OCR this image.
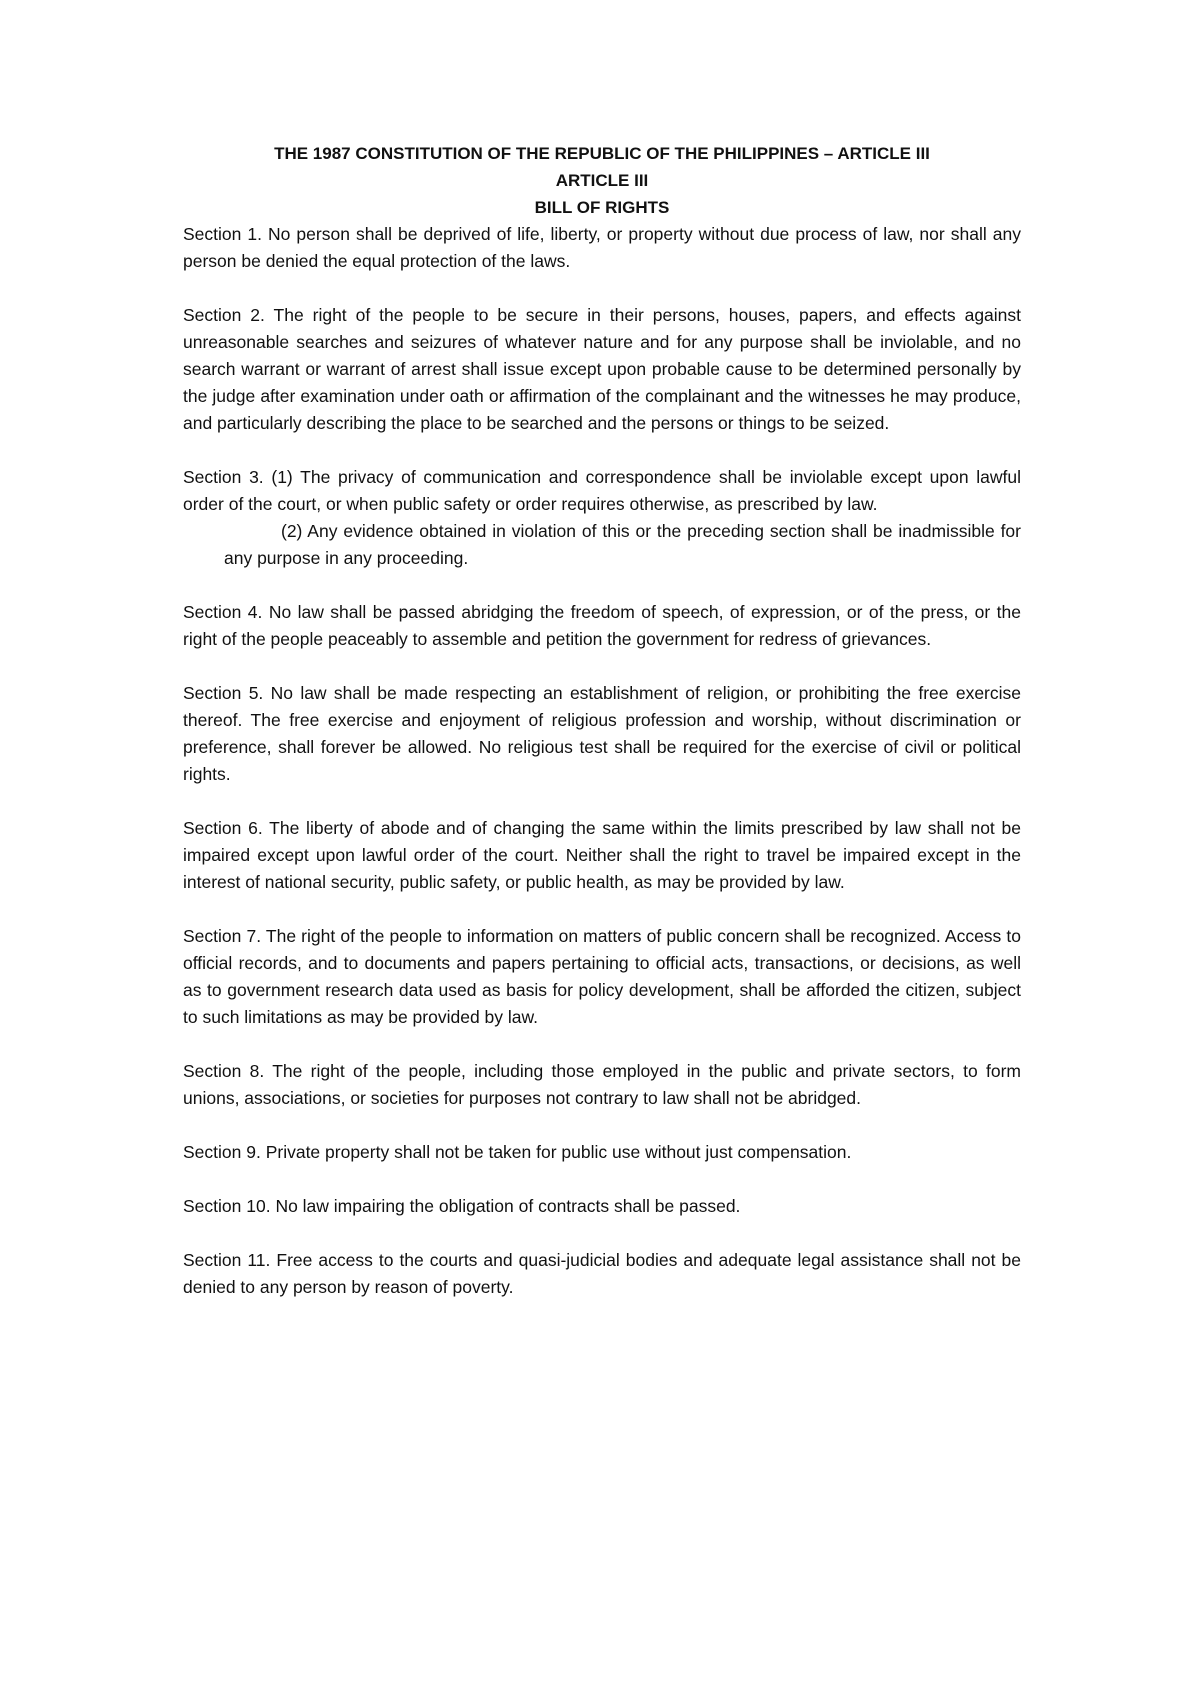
THE 1987 CONSTITUTION OF THE REPUBLIC OF THE PHILIPPINES – ARTICLE III
ARTICLE III
BILL OF RIGHTS

Section 1. No person shall be deprived of life, liberty, or property without due process of law, nor shall any person be denied the equal protection of the laws.

Section 2. The right of the people to be secure in their persons, houses, papers, and effects against unreasonable searches and seizures of whatever nature and for any purpose shall be inviolable, and no search warrant or warrant of arrest shall issue except upon probable cause to be determined personally by the judge after examination under oath or affirmation of the complainant and the witnesses he may produce, and particularly describing the place to be searched and the persons or things to be seized.

Section 3. (1) The privacy of communication and correspondence shall be inviolable except upon lawful order of the court, or when public safety or order requires otherwise, as prescribed by law.

(2) Any evidence obtained in violation of this or the preceding section shall be inadmissible for any purpose in any proceeding.

Section 4. No law shall be passed abridging the freedom of speech, of expression, or of the press, or the right of the people peaceably to assemble and petition the government for redress of grievances.

Section 5. No law shall be made respecting an establishment of religion, or prohibiting the free exercise thereof. The free exercise and enjoyment of religious profession and worship, without discrimination or preference, shall forever be allowed. No religious test shall be required for the exercise of civil or political rights.

Section 6. The liberty of abode and of changing the same within the limits prescribed by law shall not be impaired except upon lawful order of the court. Neither shall the right to travel be impaired except in the interest of national security, public safety, or public health, as may be provided by law.

Section 7. The right of the people to information on matters of public concern shall be recognized. Access to official records, and to documents and papers pertaining to official acts, transactions, or decisions, as well as to government research data used as basis for policy development, shall be afforded the citizen, subject to such limitations as may be provided by law.

Section 8. The right of the people, including those employed in the public and private sectors, to form unions, associations, or societies for purposes not contrary to law shall not be abridged.

Section 9. Private property shall not be taken for public use without just compensation.

Section 10. No law impairing the obligation of contracts shall be passed.

Section 11. Free access to the courts and quasi-judicial bodies and adequate legal assistance shall not be denied to any person by reason of poverty.
